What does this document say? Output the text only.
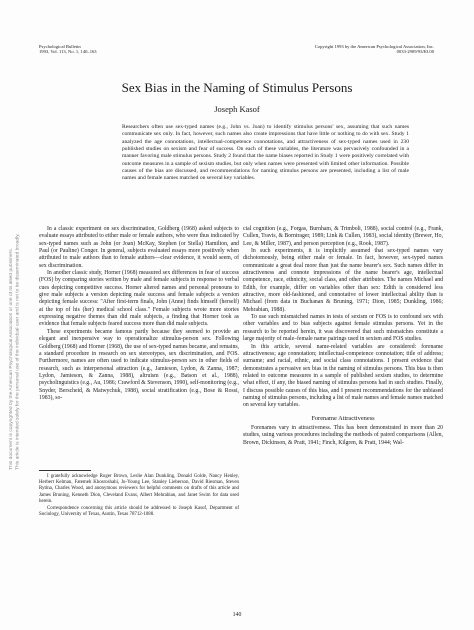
Psychological Bulletin
1993, Vol. 113, No. 1, 140–163
Copyright 1993 by the American Psychological Association, Inc.
0033-2909/93/$3.00
Sex Bias in the Naming of Stimulus Persons
Joseph Kasof
Researchers often use sex-typed names (e.g., John vs. Joan) to identify stimulus persons' sex, assuming that such names communicate sex only. In fact, however, such names also create impressions that have little or nothing to do with sex. Study 1 analyzed the age connotations, intellectual-competence connotations, and attractiveness of sex-typed names used in 230 published studies on sexism and fear of success. On each of these variables, the literature was pervasively confounded in a manner favoring male stimulus persons. Study 2 found that the name biases reported in Study 1 were positively correlated with outcome measures in a sample of sexism studies, but only when names were presented with limited other information. Possible causes of the bias are discussed, and recommendations for naming stimulus persons are presented, including a list of male names and female names matched on several key variables.
This document is copyrighted by the American Psychological Association or one of its allied publishers. This article is intended solely for the personal use of the individual user and is not to be disseminated broadly.

In a classic experiment on sex discrimination, Goldberg (1968) asked subjects to evaluate essays attributed to either male or female authors, who were thus indicated by sex-typed names such as John (or Joan) McKay, Stephen (or Stella) Hamilton, and Paul (or Pauline) Conger. In general, subjects evaluated essays more positively when attributed to male authors than to female authors—clear evidence, it would seem, of sex discrimination.

In another classic study, Horner (1968) measured sex differences in fear of success (FOS) by comparing stories written by male and female subjects in response to verbal cues depicting competitive success. Horner altered names and personal pronouns to give male subjects a version depicting male success and female subjects a version depicting female success: "After first-term finals, John (Anne) finds himself (herself) at the top of his (her) medical school class." Female subjects wrote more stories expressing negative themes than did male subjects, a finding that Horner took as evidence that female subjects feared success more than did male subjects.

These experiments became famous partly because they seemed to provide an elegant and inexpensive way to operationalize stimulus-person sex. Following Goldberg (1968) and Horner (1968), the use of sex-typed names became, and remains, a standard procedure in research on sex stereotypes, sex discrimination, and FOS. Furthermore, names are often used to indicate stimulus-person sex in other fields of research, such as interpersonal attraction (e.g., Jamieson, Lydon, & Zanna, 1987; Lydon, Jamieson, & Zanna, 1988), altruism (e.g., Batson et al., 1988), psycholinguistics (e.g., Au, 1986; Crawford & Stevenson, 1990), self-monitoring (e.g., Snyder, Berscheid, & Matwychuk, 1988), social stratification (e.g., Bose & Rossi, 1983), so-

I gratefully acknowledge Roger Brown, Leslie Alan Dunkling, Donald Golde, Nancy Henley, Herbert Kelman, Fatemeh Khosroshahi, Ju-Young Lee, Stanley Lieberson, David Riesman, Steven Rytina, Charles Wood, and anonymous reviewers for helpful comments on drafts of this article and James Bruning, Kenneth Dion, Cleveland Evans, Albert Mehrabian, and Janet Swim for data used herein.

Correspondence concerning this article should be addressed to Joseph Kasof, Department of Sociology, University of Texas, Austin, Texas 78712-1088.

cial cognition (e.g., Forgas, Burnham, & Trimboli, 1988), social control (e.g., Frank, Cullen, Travis, & Borntrager, 1989; Link & Cullen, 1983), social identity (Brewer, Ho, Lee, & Miller, 1987), and person perception (e.g., Rook, 1987).

In such experiments, it is implicitly assumed that sex-typed names vary dichotomously, being either male or female. In fact, however, sex-typed names communicate a great deal more than just the name bearer's sex. Such names differ in attractiveness and connote impressions of the name bearer's age, intellectual competence, race, ethnicity, social class, and other attributes. The names Michael and Edith, for example, differ on variables other than sex: Edith is considered less attractive, more old-fashioned, and connotative of lower intellectual ability than is Michael (from data in Buchanan & Bruning, 1971; Dion, 1985; Dunkling, 1986; Mehrabian, 1988).

To use such mismatched names in tests of sexism or FOS is to confound sex with other variables and to bias subjects against female stimulus persons. Yet in the research to be reported herein, it was discovered that such mismatches constitute a large majority of male–female name pairings used in sexism and FOS studies.

In this article, several name-related variables are considered: forename attractiveness; age connotation; intellectual-competence connotation; title of address; surname; and racial, ethnic, and social class connotations. I present evidence that demonstrates a pervasive sex bias in the naming of stimulus persons. This bias is then related to outcome measures in a sample of published sexism studies, to determine what effect, if any, the biased naming of stimulus persons had in such studies. Finally, I discuss possible causes of this bias, and I present recommendations for the unbiased naming of stimulus persons, including a list of male names and female names matched on several key variables.

Forename Attractiveness

Forenames vary in attractiveness. This has been demonstrated in more than 20 studies, using various procedures including the methods of paired comparisons (Allen, Brown, Dickinson, & Pratt, 1941; Finch, Kilgren, & Pratt, 1944; Wal-

140
